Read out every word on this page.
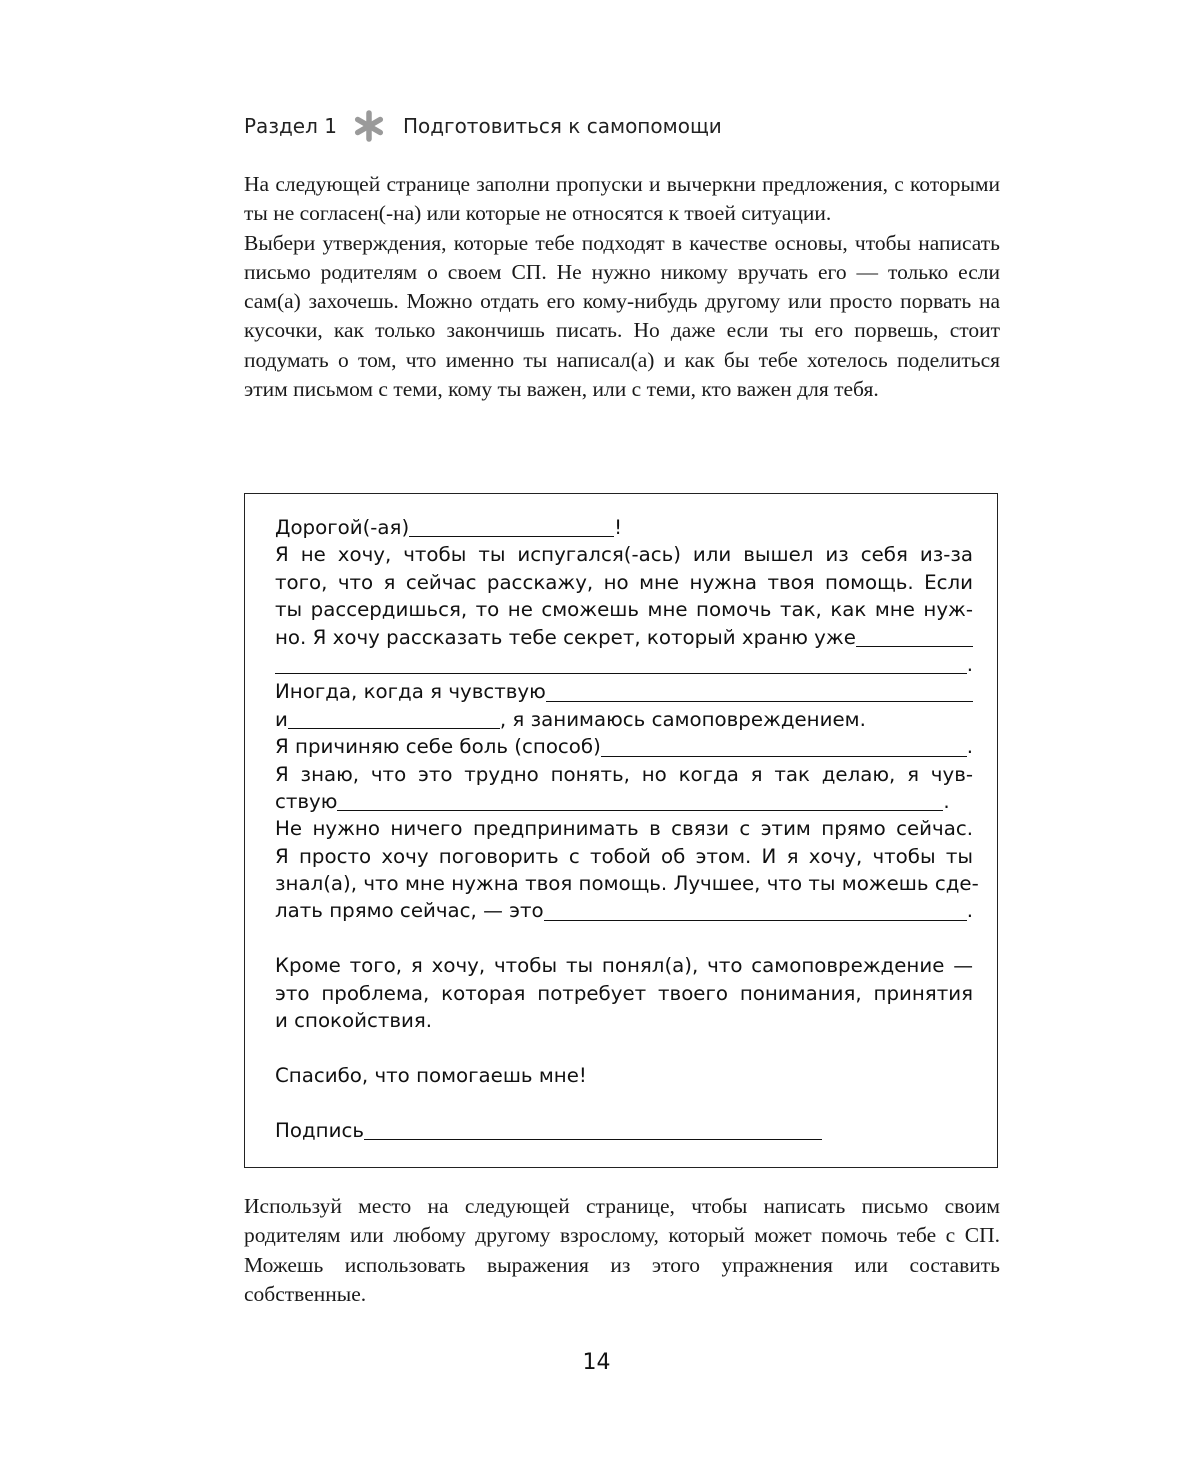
Раздел 1	Подготовиться к самопомощи

На следующей странице заполни пропуски и вычеркни предложения, с которыми ты не согласен(-на) или которые не относятся к твоей ситуации.

Выбери утверждения, которые тебе подходят в качестве основы, чтобы написать письмо родителям о своем СП. Не нужно никому вручать его — только если сам(а) захочешь. Можно отдать его кому-нибудь другому или просто порвать на кусочки, как только закончишь писать. Но даже если ты его порвешь, стоит подумать о том, что именно ты написал(а) и как бы тебе хотелось поделиться этим письмом с теми, кому ты важен, или с теми, кто важен для тебя.

Дорогой(-ая)	!
Я не хочу, чтобы ты испугался(-ась) или вышел из себя из-за
того, что я сейчас расскажу, но мне нужна твоя помощь. Если
ты рассердишься, то не сможешь мне помочь так, как мне нуж-
но. Я хочу рассказать тебе секрет, который храню уже
.
Иногда, когда я чувствую
и	, я занимаюсь самоповреждением.
Я причиняю себе боль (способ)	.
Я знаю, что это трудно понять, но когда я так делаю, я чув-
ствую	.
Не нужно ничего предпринимать в связи с этим прямо сейчас.
Я просто хочу поговорить с тобой об этом. И я хочу, чтобы ты
знал(а), что мне нужна твоя помощь. Лучшее, что ты можешь сде-
лать прямо сейчас, — это	.
Кроме того, я хочу, чтобы ты понял(а), что самоповреждение —
это проблема, которая потребует твоего понимания, принятия
и спокойствия.
Спасибо, что помогаешь мне!
Подпись

Используй место на следующей странице, чтобы написать письмо своим родителям или любому другому взрослому, который может помочь тебе с СП. Можешь использовать выражения из этого упражнения или составить собственные.

14
